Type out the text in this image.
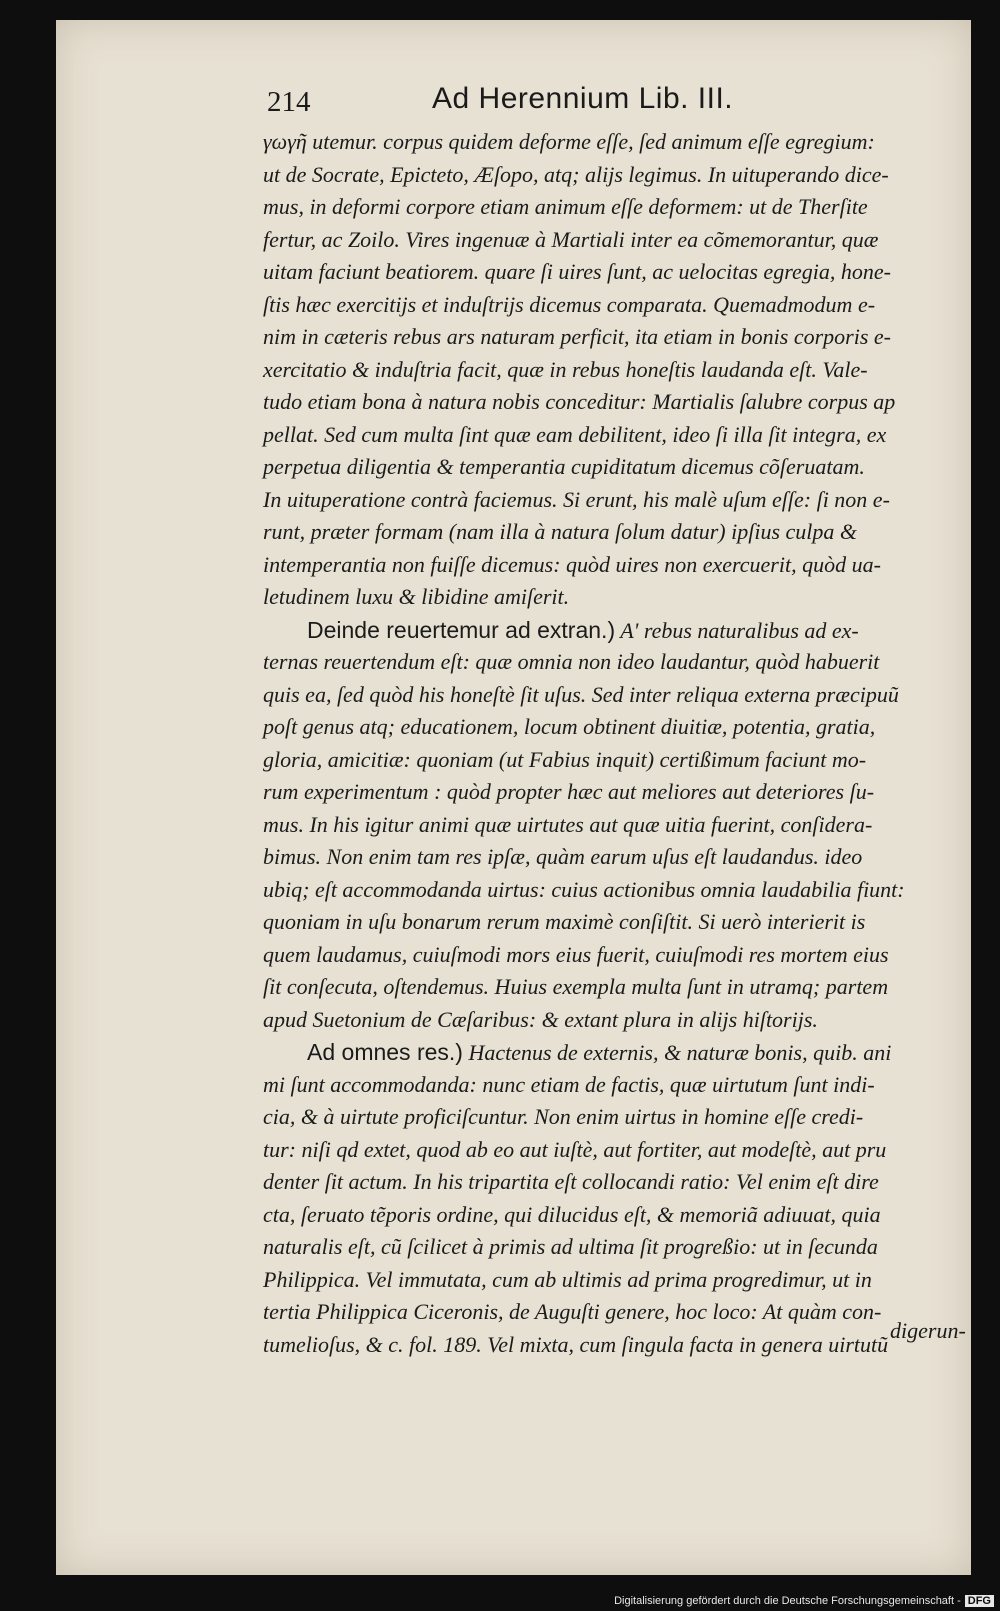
214	Ad Herennium Lib. III.
γωγῆ utemur. corpus quidem deforme eſſe, ſed animum eſſe egregium:
ut de Socrate, Epicteto, Æſopo, atq; alijs legimus. In uituperando dice-
mus, in deformi corpore etiam animum eſſe deformem: ut de Therſite
fertur, ac Zoilo. Vires ingenuæ à Martiali inter ea cõmemorantur, quæ
uitam faciunt beatiorem. quare ſi uires ſunt, ac uelocitas egregia, hone-
ſtis hæc exercitijs et induſtrijs dicemus comparata. Quemadmodum e-
nim in cæteris rebus ars naturam perficit, ita etiam in bonis corporis e-
xercitatio & induſtria facit, quæ in rebus honeſtis laudanda eſt. Vale-
tudo etiam bona à natura nobis conceditur: Martialis ſalubre corpus ap
pellat. Sed cum multa ſint quæ eam debilitent, ideo ſi illa ſit integra, ex
perpetua diligentia & temperantia cupiditatum dicemus cõſeruatam.
In uituperatione contrà faciemus. Si erunt, his malè uſum eſſe: ſi non e-
runt, præter formam (nam illa à natura ſolum datur) ipſius culpa &
intemperantia non fuiſſe dicemus: quòd uires non exercuerit, quòd ua-
letudinem luxu & libidine amiſerit.
Deinde reuertemur ad extran.) A' rebus naturalibus ad ex-
ternas reuertendum eſt: quæ omnia non ideo laudantur, quòd habuerit
quis ea, ſed quòd his honeſtè ſit uſus. Sed inter reliqua externa præcipuũ
poſt genus atq; educationem, locum obtinent diuitiæ, potentia, gratia,
gloria, amicitiæ: quoniam (ut Fabius inquit) certißimum faciunt mo-
rum experimentum : quòd propter hæc aut meliores aut deteriores ſu-
mus. In his igitur animi quæ uirtutes aut quæ uitia fuerint, conſidera-
bimus. Non enim tam res ipſæ, quàm earum uſus eſt laudandus. ideo
ubiq; eſt accommodanda uirtus: cuius actionibus omnia laudabilia fiunt:
quoniam in uſu bonarum rerum maximè conſiſtit. Si uerò interierit is
quem laudamus, cuiuſmodi mors eius fuerit, cuiuſmodi res mortem eius
ſit conſecuta, oſtendemus. Huius exempla multa ſunt in utramq; partem
apud Suetonium de Cæſaribus: & extant plura in alijs hiſtorijs.
Ad omnes res.) Hactenus de externis, & naturæ bonis, quib. ani
mi ſunt accommodanda: nunc etiam de factis, quæ uirtutum ſunt indi-
cia, & à uirtute proficiſcuntur. Non enim uirtus in homine eſſe credi-
tur: niſi qd extet, quod ab eo aut iuſtè, aut fortiter, aut modeſtè, aut pru
denter ſit actum. In his tripartita eſt collocandi ratio: Vel enim eſt dire
cta, ſeruato tẽporis ordine, qui dilucidus eſt, & memoriã adiuuat, quia
naturalis eſt, cũ ſcilicet à primis ad ultima ſit progreßio: ut in ſecunda
Philippica. Vel immutata, cum ab ultimis ad prima progredimur, ut in
tertia Philippica Ciceronis, de Auguſti genere, hoc loco: At quàm con-
tumelioſus, & c. fol. 189. Vel mixta, cum ſingula facta in genera uirtutũ
digerun-
Digitalisierung gefördert durch die Deutsche Forschungsgemeinschaft - DFG
